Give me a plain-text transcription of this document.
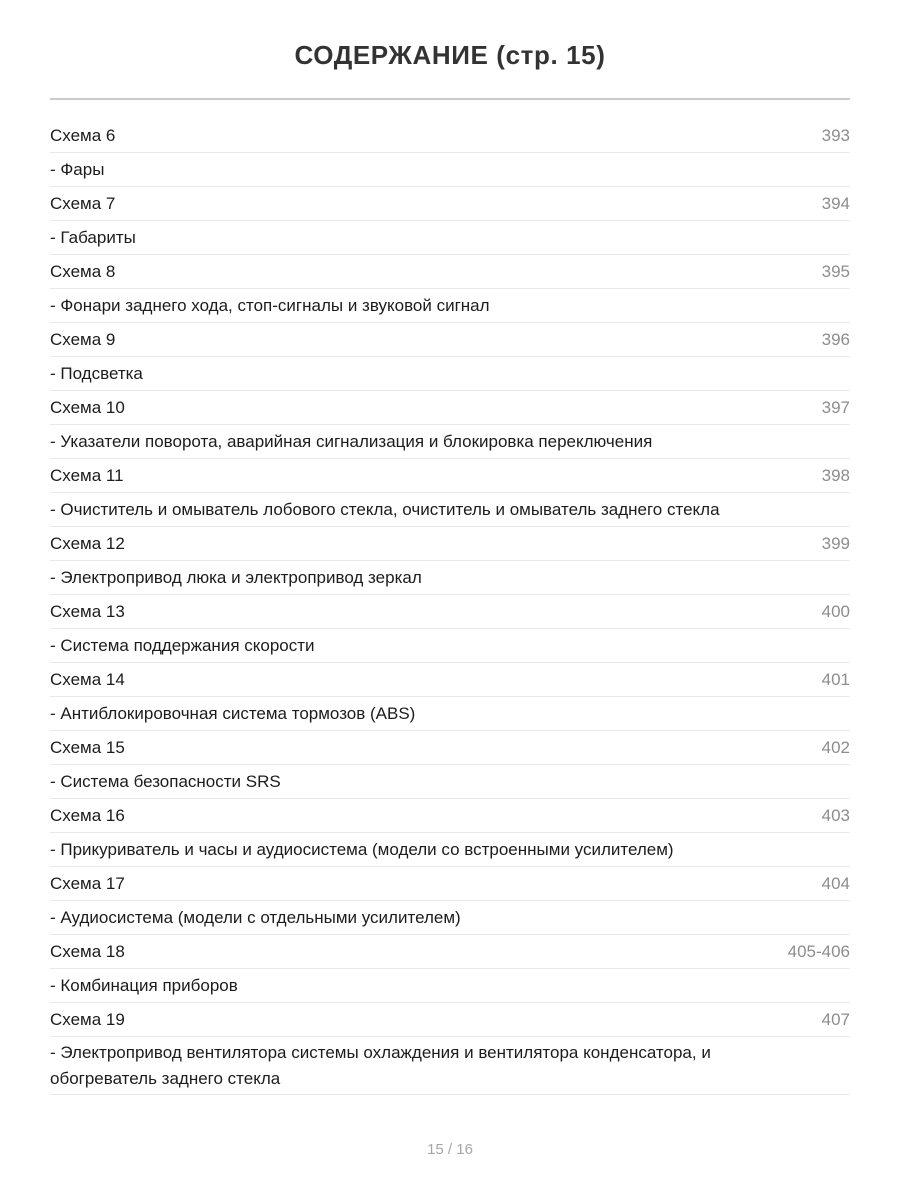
СОДЕРЖАНИЕ (стр. 15)
Схема 6	393
- Фары
Схема 7	394
- Габариты
Схема 8	395
- Фонари заднего хода, стоп-сигналы и звуковой сигнал
Схема 9	396
- Подсветка
Схема 10	397
- Указатели поворота, аварийная сигнализация и блокировка переключения
Схема 11	398
- Очиститель и омыватель лобового стекла, очиститель и омыватель заднего стекла
Схема 12	399
- Электропривод люка и электропривод зеркал
Схема 13	400
- Система поддержания скорости
Схема 14	401
- Антиблокировочная система тормозов (ABS)
Схема 15	402
- Система безопасности SRS
Схема 16	403
- Прикуриватель и часы и аудиосистема (модели со встроенными усилителем)
Схема 17	404
- Аудиосистема (модели с отдельными усилителем)
Схема 18	405-406
- Комбинация приборов
Схема 19	407
- Электропривод вентилятора системы охлаждения и вентилятора конденсатора, и обогреватель заднего стекла
15 / 16
